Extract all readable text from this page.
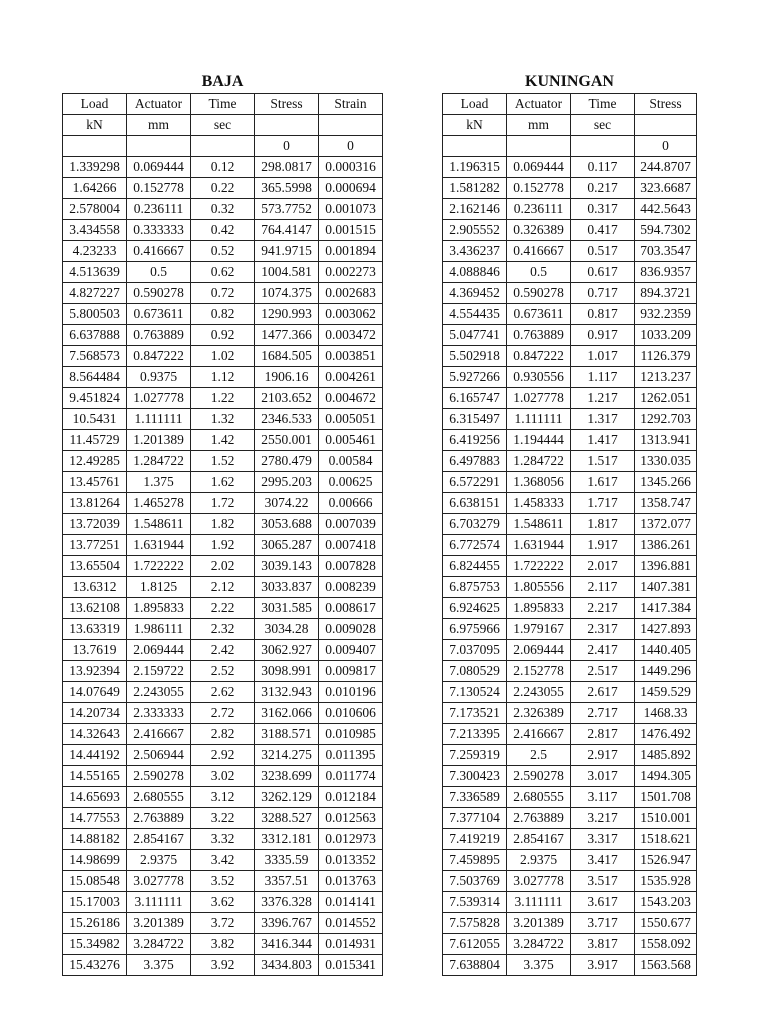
BAJA
Load	Actuator	Time	Stress	Strain
kN	mm	sec		
			0	0
1.339298	0.069444	0.12	298.0817	0.000316
1.64266	0.152778	0.22	365.5998	0.000694
2.578004	0.236111	0.32	573.7752	0.001073
3.434558	0.333333	0.42	764.4147	0.001515
4.23233	0.416667	0.52	941.9715	0.001894
4.513639	0.5	0.62	1004.581	0.002273
4.827227	0.590278	0.72	1074.375	0.002683
5.800503	0.673611	0.82	1290.993	0.003062
6.637888	0.763889	0.92	1477.366	0.003472
7.568573	0.847222	1.02	1684.505	0.003851
8.564484	0.9375	1.12	1906.16	0.004261
9.451824	1.027778	1.22	2103.652	0.004672
10.5431	1.111111	1.32	2346.533	0.005051
11.45729	1.201389	1.42	2550.001	0.005461
12.49285	1.284722	1.52	2780.479	0.00584
13.45761	1.375	1.62	2995.203	0.00625
13.81264	1.465278	1.72	3074.22	0.00666
13.72039	1.548611	1.82	3053.688	0.007039
13.77251	1.631944	1.92	3065.287	0.007418
13.65504	1.722222	2.02	3039.143	0.007828
13.6312	1.8125	2.12	3033.837	0.008239
13.62108	1.895833	2.22	3031.585	0.008617
13.63319	1.986111	2.32	3034.28	0.009028
13.7619	2.069444	2.42	3062.927	0.009407
13.92394	2.159722	2.52	3098.991	0.009817
14.07649	2.243055	2.62	3132.943	0.010196
14.20734	2.333333	2.72	3162.066	0.010606
14.32643	2.416667	2.82	3188.571	0.010985
14.44192	2.506944	2.92	3214.275	0.011395
14.55165	2.590278	3.02	3238.699	0.011774
14.65693	2.680555	3.12	3262.129	0.012184
14.77553	2.763889	3.22	3288.527	0.012563
14.88182	2.854167	3.32	3312.181	0.012973
14.98699	2.9375	3.42	3335.59	0.013352
15.08548	3.027778	3.52	3357.51	0.013763
15.17003	3.111111	3.62	3376.328	0.014141
15.26186	3.201389	3.72	3396.767	0.014552
15.34982	3.284722	3.82	3416.344	0.014931
15.43276	3.375	3.92	3434.803	0.015341
KUNINGAN
Load	Actuator	Time	Stress
kN	mm	sec	
			0
1.196315	0.069444	0.117	244.8707
1.581282	0.152778	0.217	323.6687
2.162146	0.236111	0.317	442.5643
2.905552	0.326389	0.417	594.7302
3.436237	0.416667	0.517	703.3547
4.088846	0.5	0.617	836.9357
4.369452	0.590278	0.717	894.3721
4.554435	0.673611	0.817	932.2359
5.047741	0.763889	0.917	1033.209
5.502918	0.847222	1.017	1126.379
5.927266	0.930556	1.117	1213.237
6.165747	1.027778	1.217	1262.051
6.315497	1.111111	1.317	1292.703
6.419256	1.194444	1.417	1313.941
6.497883	1.284722	1.517	1330.035
6.572291	1.368056	1.617	1345.266
6.638151	1.458333	1.717	1358.747
6.703279	1.548611	1.817	1372.077
6.772574	1.631944	1.917	1386.261
6.824455	1.722222	2.017	1396.881
6.875753	1.805556	2.117	1407.381
6.924625	1.895833	2.217	1417.384
6.975966	1.979167	2.317	1427.893
7.037095	2.069444	2.417	1440.405
7.080529	2.152778	2.517	1449.296
7.130524	2.243055	2.617	1459.529
7.173521	2.326389	2.717	1468.33
7.213395	2.416667	2.817	1476.492
7.259319	2.5	2.917	1485.892
7.300423	2.590278	3.017	1494.305
7.336589	2.680555	3.117	1501.708
7.377104	2.763889	3.217	1510.001
7.419219	2.854167	3.317	1518.621
7.459895	2.9375	3.417	1526.947
7.503769	3.027778	3.517	1535.928
7.539314	3.111111	3.617	1543.203
7.575828	3.201389	3.717	1550.677
7.612055	3.284722	3.817	1558.092
7.638804	3.375	3.917	1563.568
